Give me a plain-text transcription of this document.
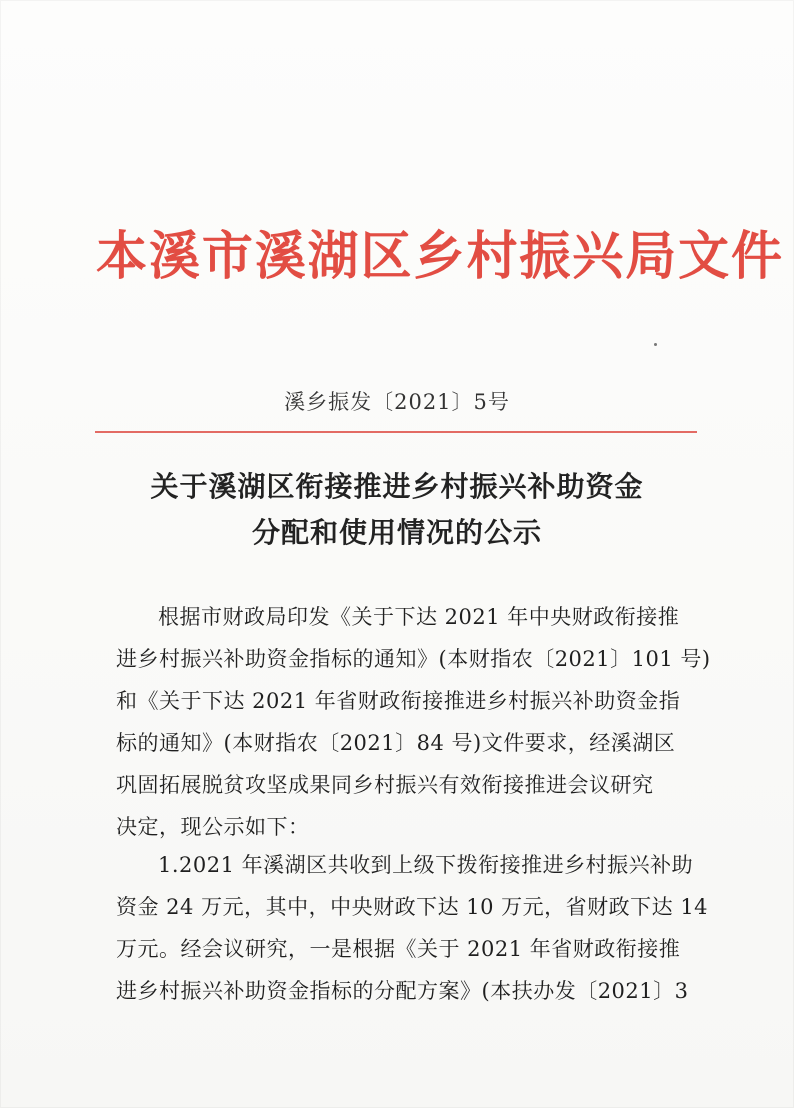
本溪市溪湖区乡村振兴局文件
溪乡振发〔2021〕5号
关于溪湖区衔接推进乡村振兴补助资金
分配和使用情况的公示
根据市财政局印发《关于下达 2021 年中央财政衔接推
进乡村振兴补助资金指标的通知》(本财指农〔2021〕101 号)
和《关于下达 2021 年省财政衔接推进乡村振兴补助资金指
标的通知》(本财指农〔2021〕84 号)文件要求，经溪湖区
巩固拓展脱贫攻坚成果同乡村振兴有效衔接推进会议研究
决定，现公示如下：
1.2021 年溪湖区共收到上级下拨衔接推进乡村振兴补助
资金 24 万元，其中，中央财政下达 10 万元，省财政下达 14
万元。经会议研究，一是根据《关于 2021 年省财政衔接推
进乡村振兴补助资金指标的分配方案》(本扶办发〔2021〕3
